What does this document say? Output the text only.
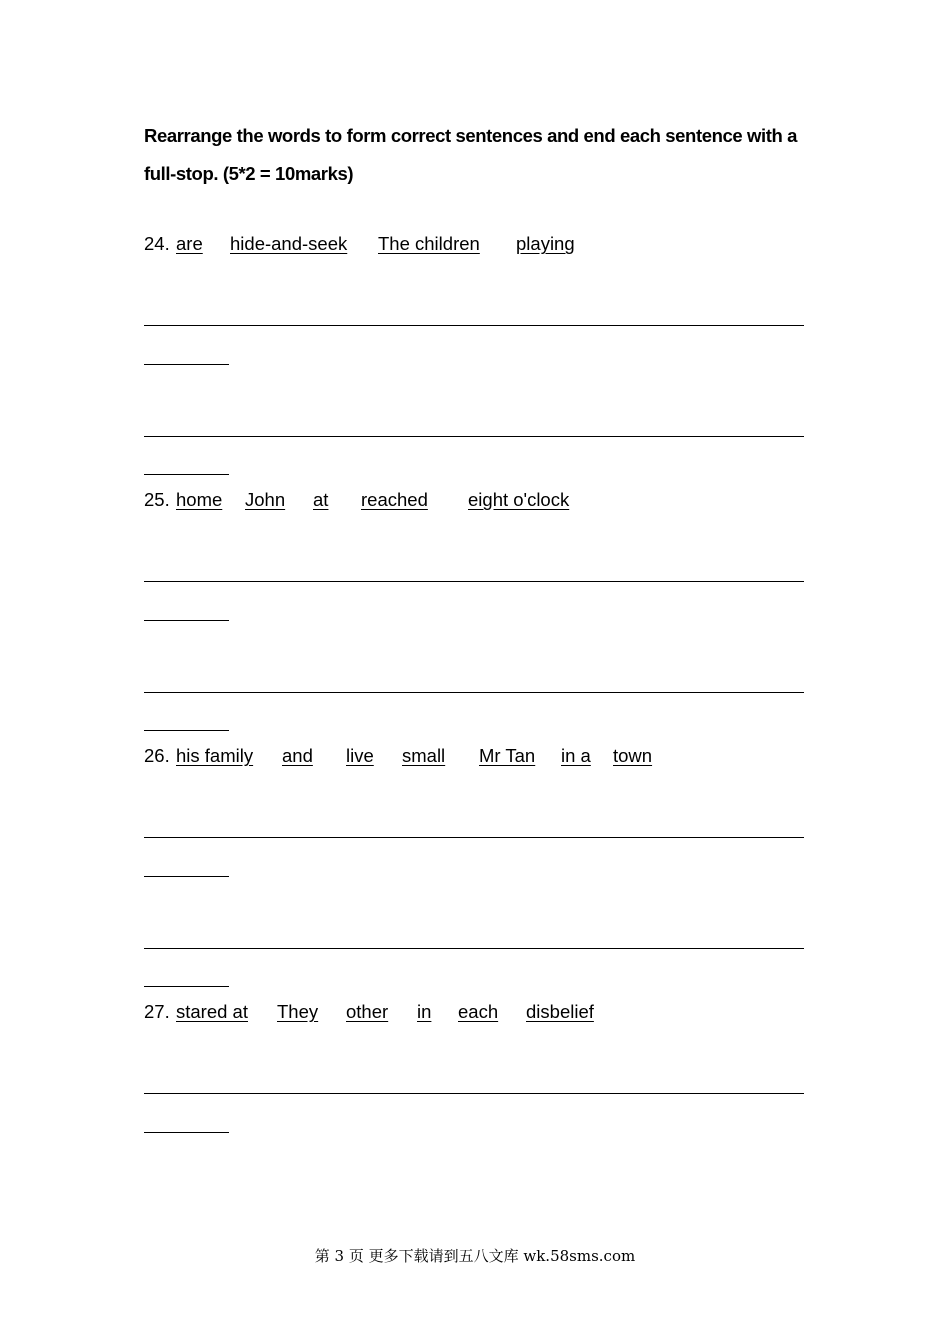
Rearrange the words to form correct sentences and end each sentence with a
full-stop. (5*2 = 10marks)
24. are hide-and-seek The children playing
25. home John at reached eight o'clock
26. his family and live small Mr Tan in a town
27. stared at They other in each disbelief
第 3 页 更多下载请到五八文库 wk.58sms.com
